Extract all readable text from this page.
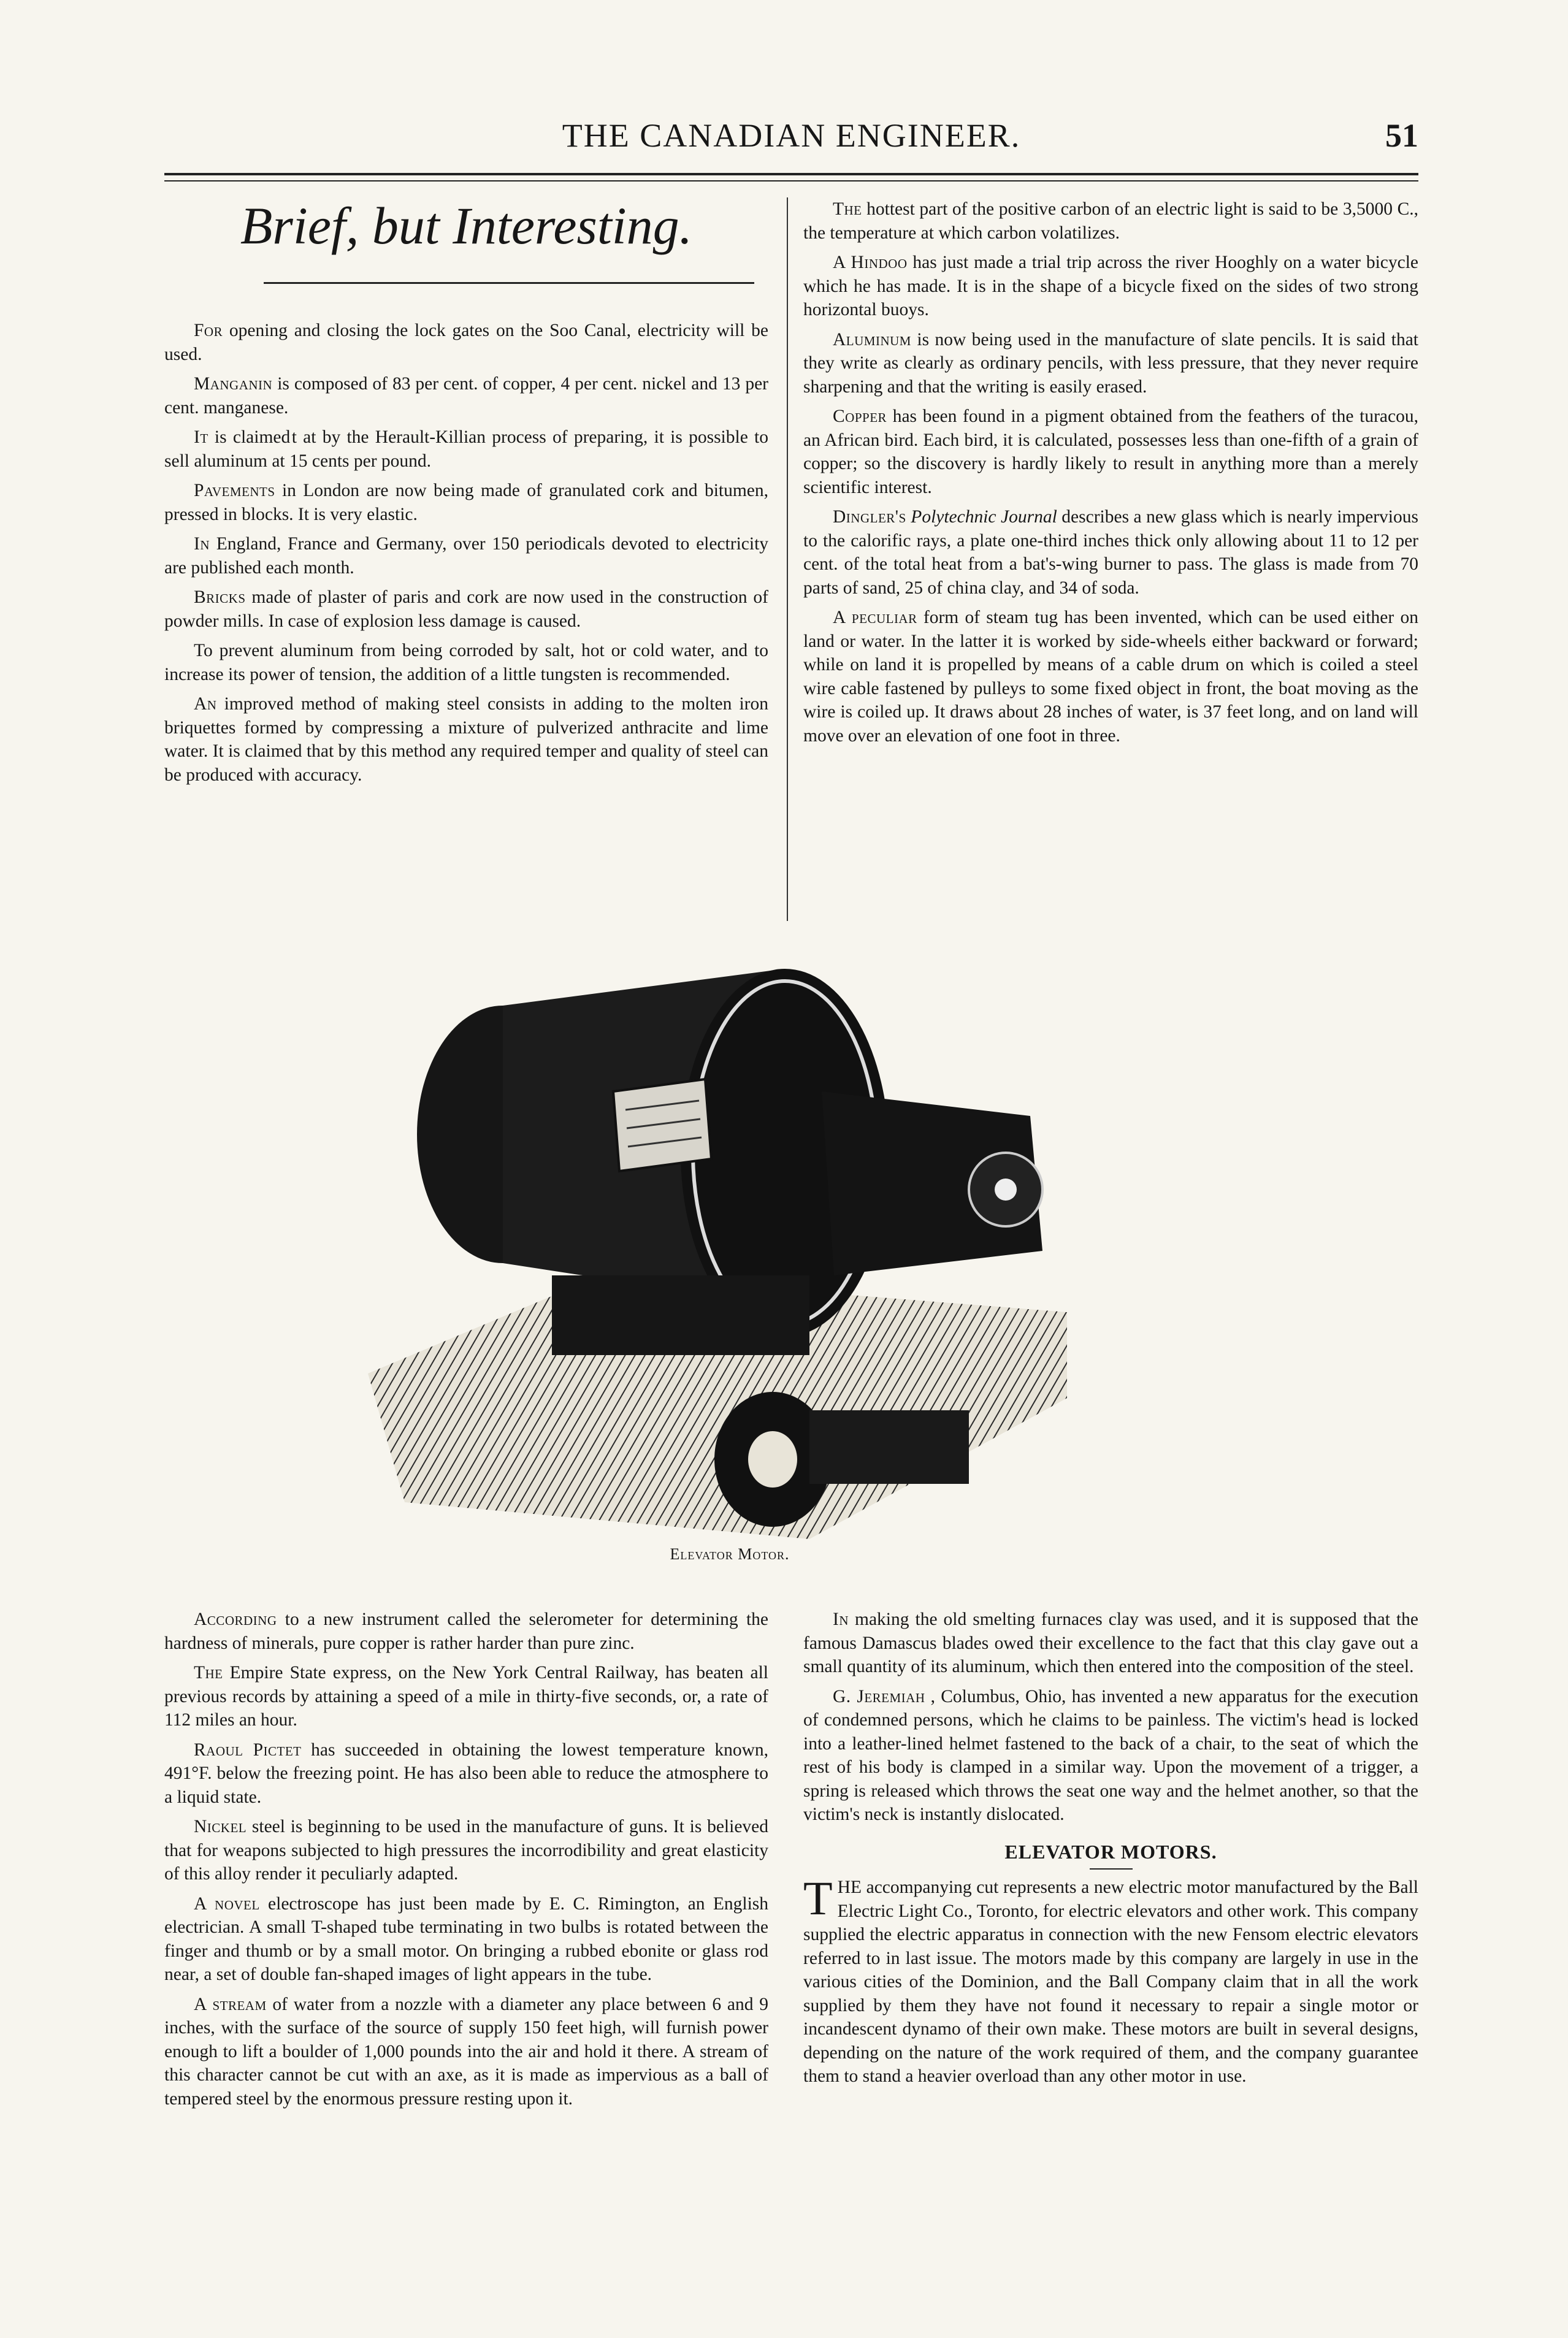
THE CANADIAN ENGINEER.	51
Brief, but Interesting.

For opening and closing the lock gates on the Soo Canal, electricity will be used.

Manganin is composed of 83 per cent. of copper, 4 per cent. nickel and 13 per cent. manganese.

It is claimed t at by the Herault-Killian process of preparing, it is possible to sell aluminum at 15 cents per pound.

Pavements in London are now being made of granulated cork and bitumen, pressed in blocks. It is very elastic.

In England, France and Germany, over 150 periodicals devoted to electricity are published each month.

Bricks made of plaster of paris and cork are now used in the construction of powder mills. In case of explosion less damage is caused.

To prevent aluminum from being corroded by salt, hot or cold water, and to increase its power of tension, the addition of a little tungsten is recommended.

An improved method of making steel consists in adding to the molten iron briquettes formed by compressing a mixture of pulverized anthracite and lime water. It is claimed that by this method any required temper and quality of steel can be produced with accuracy.

The hottest part of the positive carbon of an electric light is said to be 3,5000 C., the temperature at which carbon volatilizes.

A Hindoo has just made a trial trip across the river Hooghly on a water bicycle which he has made. It is in the shape of a bicycle fixed on the sides of two strong horizontal buoys.

Aluminum is now being used in the manufacture of slate pencils. It is said that they write as clearly as ordinary pencils, with less pressure, that they never require sharpening and that the writing is easily erased.

Copper has been found in a pigment obtained from the feathers of the turacou, an African bird. Each bird, it is calculated, possesses less than one-fifth of a grain of copper; so the discovery is hardly likely to result in anything more than a merely scientific interest.

Dingler's Polytechnic Journal describes a new glass which is nearly impervious to the calorific rays, a plate one-third inches thick only allowing about 11 to 12 per cent. of the total heat from a bat's-wing burner to pass. The glass is made from 70 parts of sand, 25 of china clay, and 34 of soda.

A peculiar form of steam tug has been invented, which can be used either on land or water. In the latter it is worked by side-wheels either backward or forward; while on land it is propelled by means of a cable drum on which is coiled a steel wire cable fastened by pulleys to some fixed object in front, the boat moving as the wire is coiled up. It draws about 28 inches of water, is 37 feet long, and on land will move over an elevation of one foot in three.

Elevator Motor.

According to a new instrument called the selerometer for determining the hardness of minerals, pure copper is rather harder than pure zinc.

The Empire State express, on the New York Central Railway, has beaten all previous records by attaining a speed of a mile in thirty-five seconds, or, a rate of 112 miles an hour.

Raoul Pictet has succeeded in obtaining the lowest temperature known, 491°F. below the freezing point. He has also been able to reduce the atmosphere to a liquid state.

Nickel steel is beginning to be used in the manufacture of guns. It is believed that for weapons subjected to high pressures the incorrodibility and great elasticity of this alloy render it peculiarly adapted.

A novel electroscope has just been made by E. C. Rimington, an English electrician. A small T-shaped tube terminating in two bulbs is rotated between the finger and thumb or by a small motor. On bringing a rubbed ebonite or glass rod near, a set of double fan-shaped images of light appears in the tube.

A stream of water from a nozzle with a diameter any place between 6 and 9 inches, with the surface of the source of supply 150 feet high, will furnish power enough to lift a boulder of 1,000 pounds into the air and hold it there. A stream of this character cannot be cut with an axe, as it is made as impervious as a ball of tempered steel by the enormous pressure resting upon it.

In making the old smelting furnaces clay was used, and it is supposed that the famous Damascus blades owed their excellence to the fact that this clay gave out a small quantity of its aluminum, which then entered into the composition of the steel.

G. Jeremiah , Columbus, Ohio, has invented a new apparatus for the execution of condemned persons, which he claims to be painless. The victim's head is locked into a leather-lined helmet fastened to the back of a chair, to the seat of which the rest of his body is clamped in a similar way. Upon the movement of a trigger, a spring is released which throws the seat one way and the helmet another, so that the victim's neck is instantly dislocated.

ELEVATOR MOTORS.

THE accompanying cut represents a new electric motor manufactured by the Ball Electric Light Co., Toronto, for electric elevators and other work. This company supplied the electric apparatus in connection with the new Fensom electric elevators referred to in last issue. The motors made by this company are largely in use in the various cities of the Dominion, and the Ball Company claim that in all the work supplied by them they have not found it necessary to repair a single motor or incandescent dynamo of their own make. These motors are built in several designs, depending on the nature of the work required of them, and the company guarantee them to stand a heavier overload than any other motor in use.
